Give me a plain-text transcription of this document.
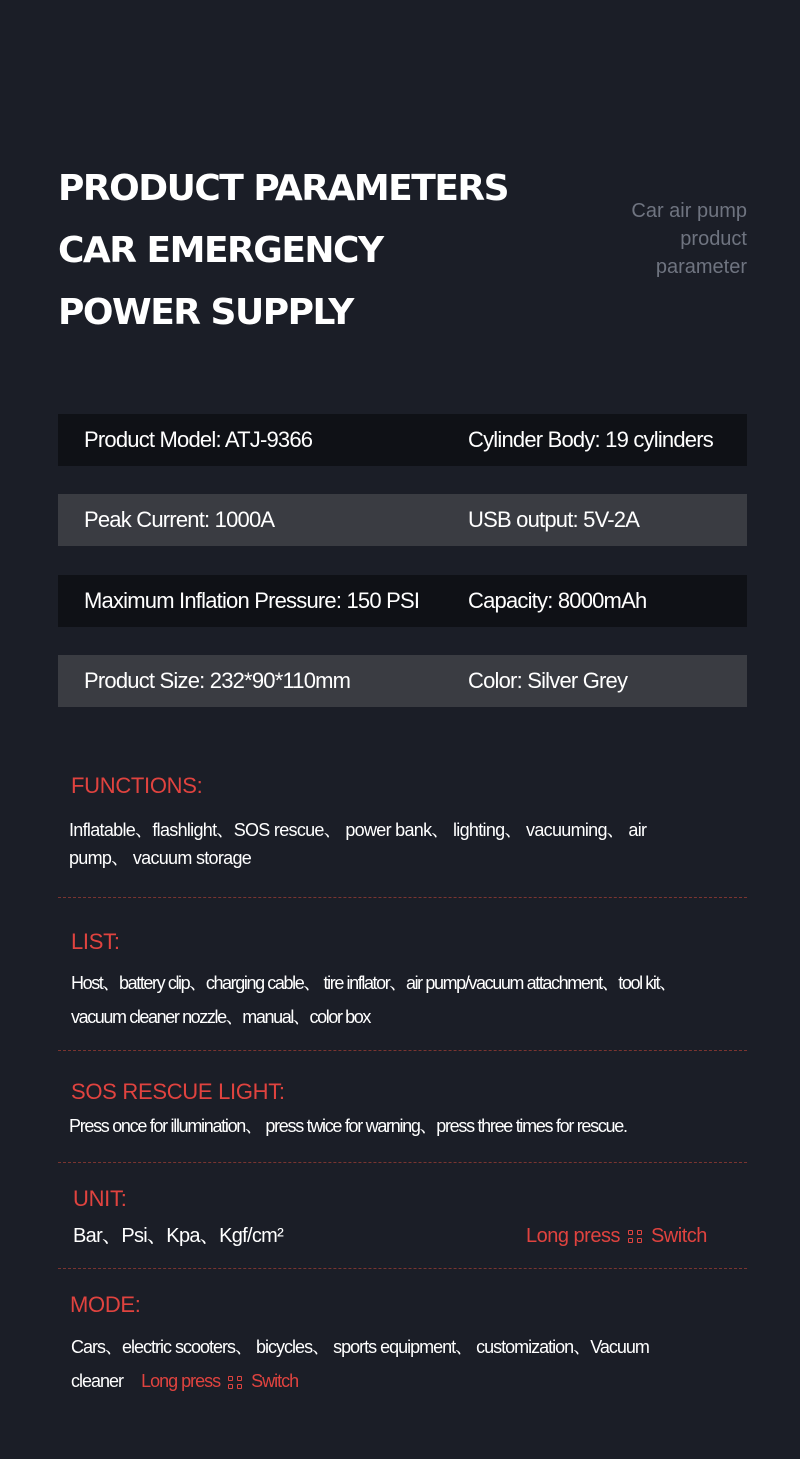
PRODUCT PARAMETERS
CAR EMERGENCY
POWER SUPPLY
Car air pump
product
parameter
Product Model: ATJ-9366	Cylinder Body: 19 cylinders
Peak Current: 1000A	USB output: 5V-2A
Maximum Inflation Pressure: 150 PSI Capacity: 8000mAh
Product Size: 232*90*110mm	Color: Silver Grey
FUNCTIONS:
Inflatable、flashlight、SOS rescue、 power bank、 lighting、 vacuuming、 air
pump、 vacuum storage
LIST:
Host、battery clip、charging cable、 tire inflator、air pump/vacuum attachment、tool kit、
vacuum cleaner nozzle、manual、color box
SOS RESCUE LIGHT:
Press once for illumination、 press twice for warning、press three times for rescue.
UNIT:
Bar、Psi、Kpa、Kgf/cm²	Long press Switch
MODE:
Cars、electric scooters、 bicycles、 sports equipment、 customization、Vacuum
cleaner Long press Switch
